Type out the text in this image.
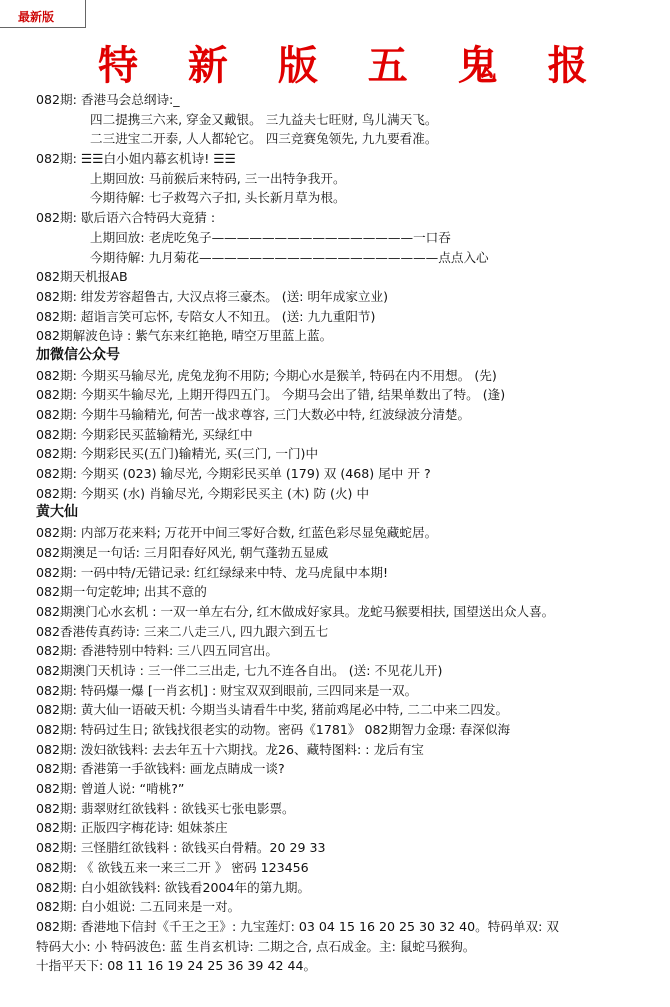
最新版
特 新 版 五 鬼 报
082期: 香港马会总纲诗:_
四二提携三六来, 穿金又戴银。 三九益夫七旺财, 鸟儿满天飞。
二三进宝二开泰, 人人都轮它。 四三竞赛兔领先, 九九要看准。
082期: ☰☰白小姐内幕玄机诗! ☰☰
上期回放: 马前猴后来特码, 三一出特争我开。
今期待解: 七子救驾六子扣, 头长新月草为根。
082期: 歇后语六合特码大竟猜 :
上期回放: 老虎吃兔子————————————————一口吞
今期待解: 九月菊花———————————————————点点入心
082期天机报AB
082期: 绀发芳容超鲁古, 大汉点将三豪杰。 (送: 明年成家立业)
082期: 超诣言笑可忘怀, 专陪女人不知丑。 (送: 九九重阳节)
082期解波色诗 : 紫气东来红艳艳, 晴空万里蓝上蓝。
加微信公众号
082期: 今期买马输尽光, 虎兔龙狗不用防; 今期心水是猴羊, 特码在内不用想。 (先)
082期: 今期买牛输尽光, 上期开得四五门。 今期马会出了错, 结果单数出了特。 (逢)
082期: 今期牛马输精光, 何苦一战求尊容, 三门大数必中特, 红波绿波分清楚。
082期: 今期彩民买蓝输精光, 买绿红中
082期: 今期彩民买(五门)输精光, 买(三门, 一门)中
082期: 今期买 (023) 输尽光, 今期彩民买单 (179) 双 (468) 尾中 开 ?
082期: 今期买 (水) 肖输尽光, 今期彩民买主 (木) 防 (火) 中
黄大仙
082期: 内部万花来料; 万花开中间三零好合数, 红蓝色彩尽显兔藏蛇居。
082期澳足一句话: 三月阳春好风光, 朝气蓬勃五显威
082期: 一码中特/无错记录: 红红绿绿来中特、龙马虎鼠中本期!
082期一句定乾坤; 出其不意的
082期澳门心水玄机 : 一双一单左右分, 红木做成好家具。龙蛇马猴要相扶, 国望送出众人喜。
082香港传真药诗: 三来二八走三八, 四九跟六到五七
082期: 香港特别中特料: 三八四五同宫出。
082期澳门天机诗 : 三一伴二三出走, 七九不连各自出。 (送: 不见花儿开)
082期: 特码爆一爆 [一肖玄机] : 财宝双双到眼前, 三四同来是一双。
082期: 黄大仙一语破天机: 今期当头请看牛中奖, 猪前鸡尾必中特, 二二中来二四发。
082期: 特码过生日; 欲钱找很老实的动物。密码《1781》 082期智力金璟: 春深似海
082期: 泼妇欲钱料: 去去年五十六期找。龙26、藏特图料: : 龙后有宝
082期: 香港第一手欲钱料: 画龙点睛成一谈?
082期: 曾道人说: “啃桃?”
082期: 翡翠财红欲钱料 : 欲钱买七张电影票。
082期: 正版四字梅花诗: 姐妹茶庄
082期: 三怪腊红欲钱料 : 欲钱买白骨精。20 29 33
082期: 《 欲钱五来一来三二开 》 密码 123456
082期: 白小姐欲钱料: 欲钱看2004年的第九期。
082期: 白小姐说: 二五同来是一对。
082期: 香港地下信封《千王之王》: 九宝莲灯: 03 04 15 16 20 25 30 32 40。特码单双: 双
特码大小: 小 特码波色: 蓝 生肖玄机诗: 二期之合, 点石成金。主: 鼠蛇马猴狗。
十指平天下: 08 11 16 19 24 25 36 39 42 44。
